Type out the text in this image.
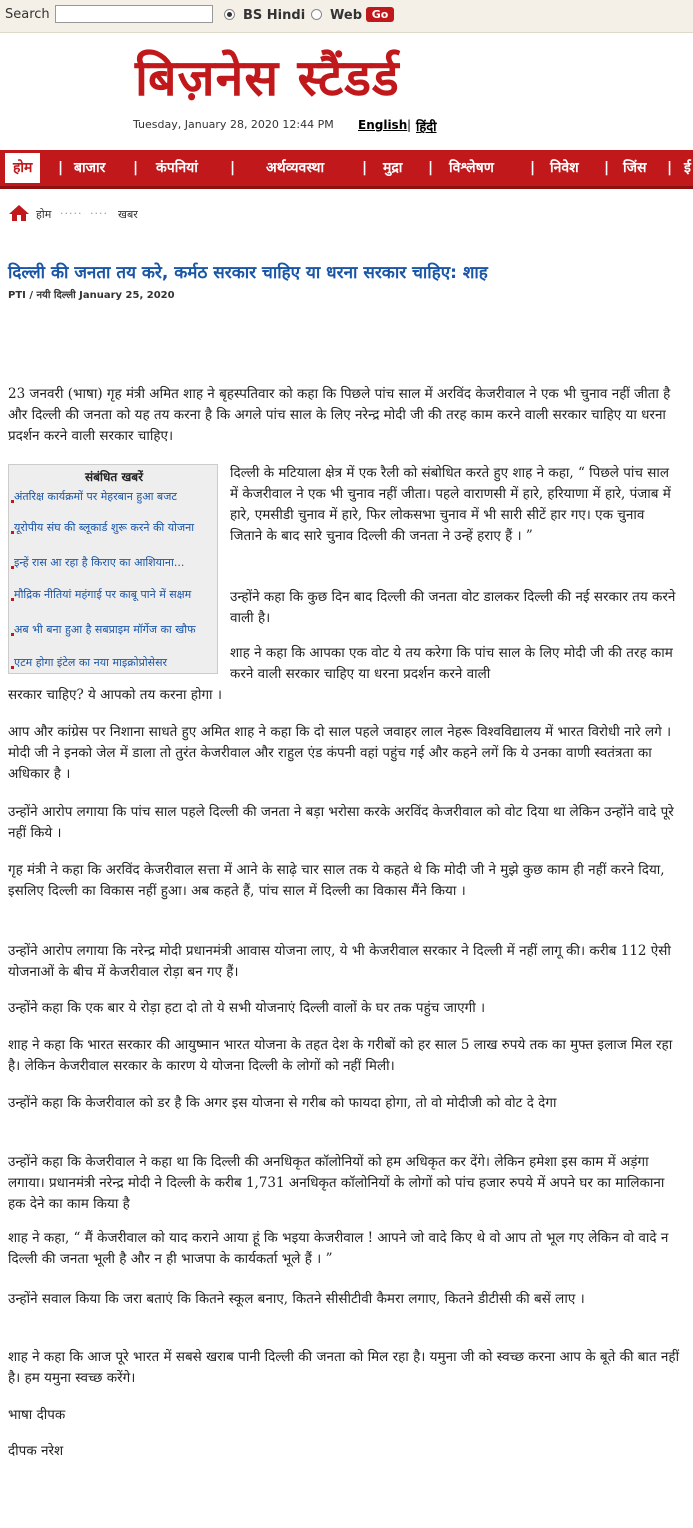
Search	BS Hindi Web Go
बिज़नेस स्टैंडर्ड
Tuesday, January 28, 2020 12:44 PM English | हिंदी
होम	| बाजार | कंपनियां | अर्थव्यवस्था	| मुद्रा | विश्लेषण	| निवेश | जिंस | ई
होम ····· ···· खबर
दिल्ली की जनता तय करे, कर्मठ सरकार चाहिए या धरना सरकार चाहिए: शाह
PTI / नयी दिल्ली January 25, 2020
23 जनवरी (भाषा) गृह मंत्री अमित शाह ने बृहस्पतिवार को कहा कि पिछले पांच साल में अरविंद केजरीवाल ने एक भी चुनाव नहीं जीता है और दिल्ली की जनता को यह तय करना है कि अगले पांच साल के लिए नरेन्द्र मोदी जी की तरह काम करने वाली सरकार चाहिए या धरना प्रदर्शन करने वाली सरकार चाहिए।
संबंधित खबरें
अंतरिक्ष कार्यक्रमों पर मेहरबान हुआ बजट
यूरोपीय संघ की ब्लूकार्ड शुरू करने की योजना
इन्हें रास आ रहा है किराए का आशियाना...
मौद्रिक नीतियां महंगाई पर काबू पाने में सक्षम
अब भी बना हुआ है सबप्राइम मॉर्गेज का खौफ
एटम होगा इंटेल का नया माइक्रोप्रोसेसर
दिल्ली के मटियाला क्षेत्र में एक रैली को संबोधित करते हुए शाह ने कहा, “ पिछले पांच साल में केजरीवाल ने एक भी चुनाव नहीं जीता। पहले वाराणसी में हारे, हरियाणा में हारे, पंजाब में हारे, एमसीडी चुनाव में हारे, फिर लोकसभा चुनाव में भी सारी सीटें हार गए। एक चुनाव जिताने के बाद सारे चुनाव दिल्ली की जनता ने उन्हें हराए हैं । ”
उन्होंने कहा कि कुछ दिन बाद दिल्ली की जनता वोट डालकर दिल्ली की नई सरकार तय करने वाली है।
शाह ने कहा कि आपका एक वोट ये तय करेगा कि पांच साल के लिए मोदी जी की तरह काम करने वाली सरकार चाहिए या धरना प्रदर्शन करने वाली
सरकार चाहिए? ये आपको तय करना होगा ।
आप और कांग्रेस पर निशाना साधते हुए अमित शाह ने कहा कि दो साल पहले जवाहर लाल नेहरू विश्वविद्यालय में भारत विरोधी नारे लगे । मोदी जी ने इनको जेल में डाला तो तुरंत केजरीवाल और राहुल एंड कंपनी वहां पहुंच गई और कहने लगें कि ये उनका वाणी स्वतंत्रता का अधिकार है ।
उन्होंने आरोप लगाया कि पांच साल पहले दिल्ली की जनता ने बड़ा भरोसा करके अरविंद केजरीवाल को वोट दिया था लेकिन उन्होंने वादे पूरे नहीं किये ।
गृह मंत्री ने कहा कि अरविंद केजरीवाल सत्ता में आने के साढ़े चार साल तक ये कहते थे कि मोदी जी ने मुझे कुछ काम ही नहीं करने दिया, इसलिए दिल्ली का विकास नहीं हुआ। अब कहते हैं, पांच साल में दिल्ली का विकास मैंने किया ।
उन्होंने आरोप लगाया कि नरेन्द्र मोदी प्रधानमंत्री आवास योजना लाए, ये भी केजरीवाल सरकार ने दिल्ली में नहीं लागू की। करीब 112 ऐसी योजनाओं के बीच में केजरीवाल रोड़ा बन गए हैं।
उन्होंने कहा कि एक बार ये रोड़ा हटा दो तो ये सभी योजनाएं दिल्ली वालों के घर तक पहुंच जाएगी ।
शाह ने कहा कि भारत सरकार की आयुष्मान भारत योजना के तहत देश के गरीबों को हर साल 5 लाख रुपये तक का मुफ्त इलाज मिल रहा है। लेकिन केजरीवाल सरकार के कारण ये योजना दिल्ली के लोगों को नहीं मिली।
उन्होंने कहा कि केजरीवाल को डर है कि अगर इस योजना से गरीब को फायदा होगा, तो वो मोदीजी को वोट दे देगा
उन्होंने कहा कि केजरीवाल ने कहा था कि दिल्ली की अनधिकृत कॉलोनियों को हम अधिकृत कर देंगे। लेकिन हमेशा इस काम में अड़ंगा लगाया। प्रधानमंत्री नरेन्द्र मोदी ने दिल्ली के करीब 1,731 अनधिकृत कॉलोनियों के लोगों को पांच हजार रुपये में अपने घर का मालिकाना हक देने का काम किया है
शाह ने कहा, “ मैं केजरीवाल को याद कराने आया हूं कि भइया केजरीवाल ! आपने जो वादे किए थे वो आप तो भूल गए लेकिन वो वादे न दिल्ली की जनता भूली है और न ही भाजपा के कार्यकर्ता भूले हैं । ”
उन्होंने सवाल किया कि जरा बताएं कि कितने स्कूल बनाए, कितने सीसीटीवी कैमरा लगाए, कितने डीटीसी की बसें लाए ।
शाह ने कहा कि आज पूरे भारत में सबसे खराब पानी दिल्ली की जनता को मिल रहा है। यमुना जी को स्वच्छ करना आप के बूते की बात नहीं है। हम यमुना स्वच्छ करेंगे।
भाषा दीपक
दीपक नरेश
